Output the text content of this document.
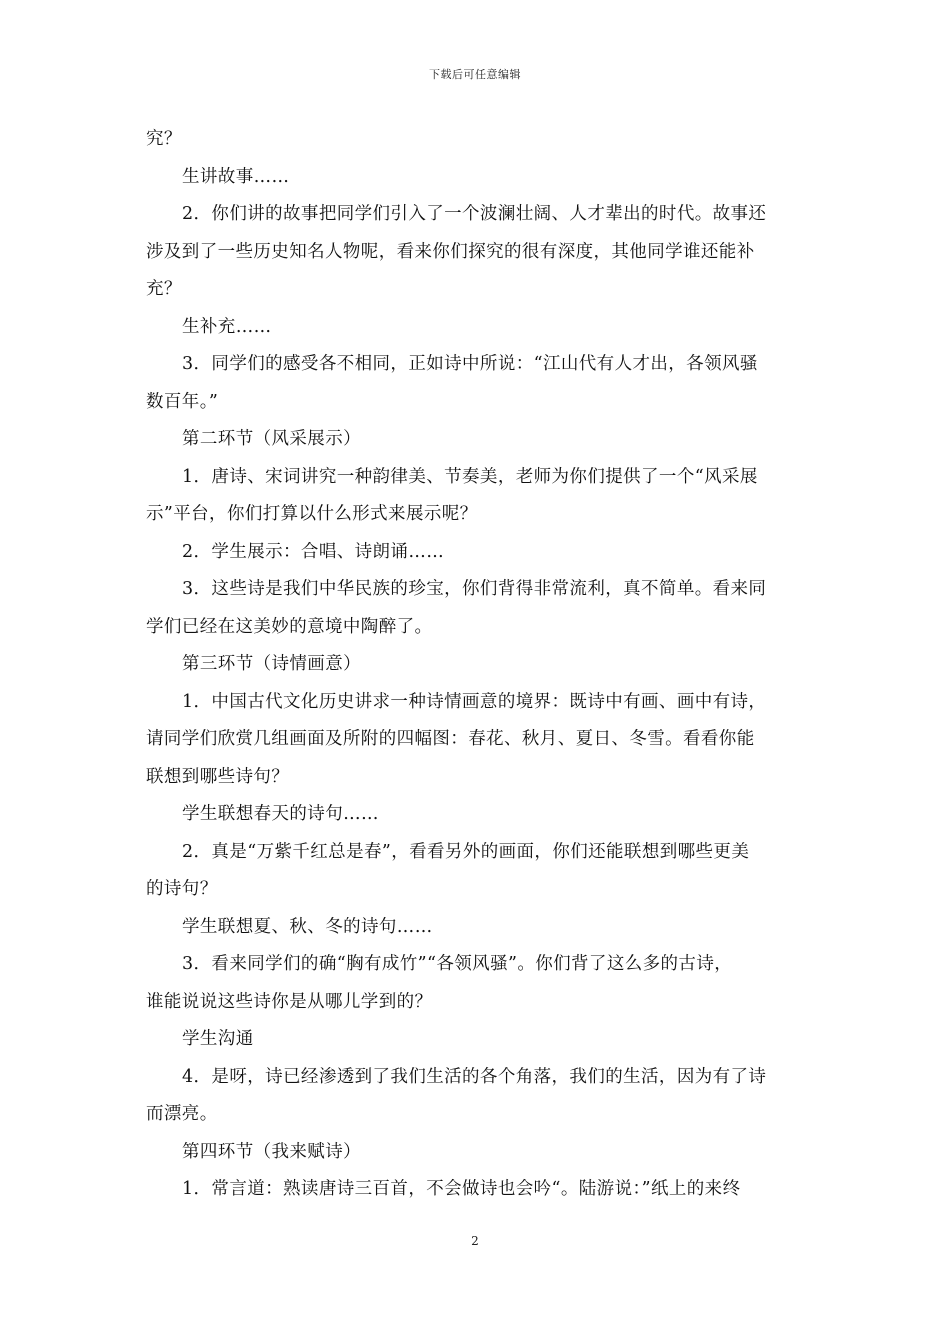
下载后可任意编辑
究？
生讲故事……
2．你们讲的故事把同学们引入了一个波澜壮阔、人才辈出的时代。故事还
涉及到了一些历史知名人物呢，看来你们探究的很有深度，其他同学谁还能补
充？
生补充……
3．同学们的感受各不相同，正如诗中所说：“江山代有人才出，各领风骚
数百年。”
第二环节（风采展示）
1．唐诗、宋词讲究一种韵律美、节奏美，老师为你们提供了一个“风采展
示”平台，你们打算以什么形式来展示呢？
2．学生展示：合唱、诗朗诵……
3．这些诗是我们中华民族的珍宝，你们背得非常流利，真不简单。看来同
学们已经在这美妙的意境中陶醉了。
第三环节（诗情画意）
1．中国古代文化历史讲求一种诗情画意的境界：既诗中有画、画中有诗，
请同学们欣赏几组画面及所附的四幅图：春花、秋月、夏日、冬雪。看看你能
联想到哪些诗句？
学生联想春天的诗句……
2．真是“万紫千红总是春”，看看另外的画面，你们还能联想到哪些更美
的诗句？
学生联想夏、秋、冬的诗句……
3．看来同学们的确“胸有成竹”“各领风骚”。你们背了这么多的古诗，
谁能说说这些诗你是从哪儿学到的？
学生沟通
4．是呀，诗已经渗透到了我们生活的各个角落，我们的生活，因为有了诗
而漂亮。
第四环节（我来赋诗）
1．常言道：熟读唐诗三百首，不会做诗也会吟“。陆游说：”纸上的来终
2
